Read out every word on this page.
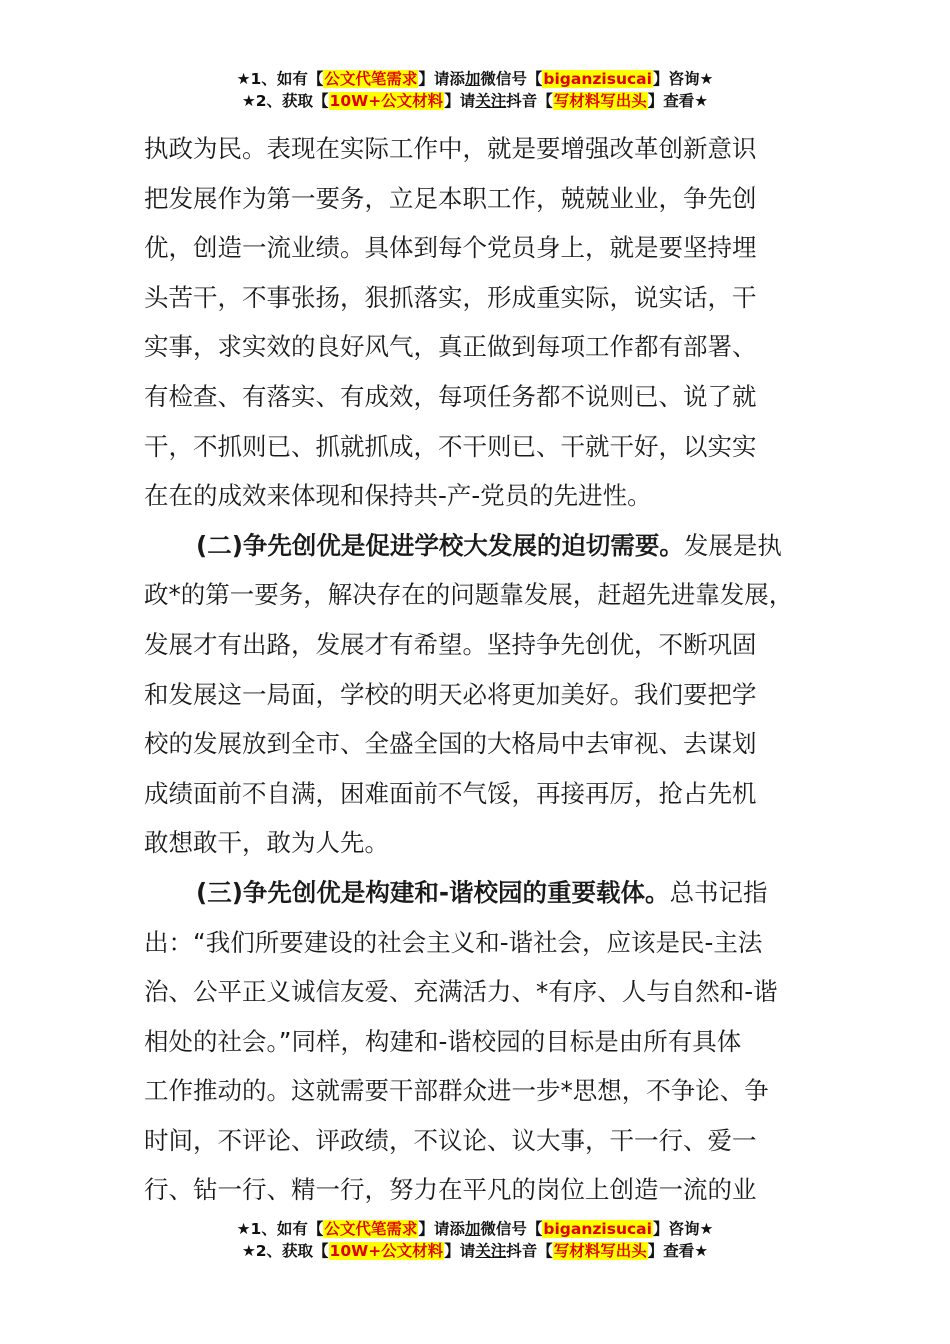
★1、如有【公文代笔需求】请添加微信号【biganzisucai】咨询★
★2、获取【10W+公文材料】请关注抖音【写材料写出头】查看★
执政为民。表现在实际工作中，就是要增强改革创新意识
把发展作为第一要务，立足本职工作，兢兢业业，争先创
优，创造一流业绩。具体到每个党员身上，就是要坚持埋
头苦干，不事张扬，狠抓落实，形成重实际，说实话，干
实事，求实效的良好风气，真正做到每项工作都有部署、
有检查、有落实、有成效，每项任务都不说则已、说了就
干，不抓则已、抓就抓成，不干则已、干就干好，以实实
在在的成效来体现和保持共-产-党员的先进性。
(二)争先创优是促进学校大发展的迫切需要。发展是执
政*的第一要务，解决存在的问题靠发展，赶超先进靠发展，
发展才有出路，发展才有希望。坚持争先创优，不断巩固
和发展这一局面，学校的明天必将更加美好。我们要把学
校的发展放到全市、全盛全国的大格局中去审视、去谋划
成绩面前不自满，困难面前不气馁，再接再厉，抢占先机
敢想敢干，敢为人先。
(三)争先创优是构建和-谐校园的重要载体。总书记指
出：“我们所要建设的社会主义和-谐社会，应该是民-主法
治、公平正义诚信友爱、充满活力、*有序、人与自然和-谐
相处的社会。”同样，构建和-谐校园的目标是由所有具体
工作推动的。这就需要干部群众进一步*思想，不争论、争
时间，不评论、评政绩，不议论、议大事，干一行、爱一
行、钻一行、精一行，努力在平凡的岗位上创造一流的业
★1、如有【公文代笔需求】请添加微信号【biganzisucai】咨询★
★2、获取【10W+公文材料】请关注抖音【写材料写出头】查看★
